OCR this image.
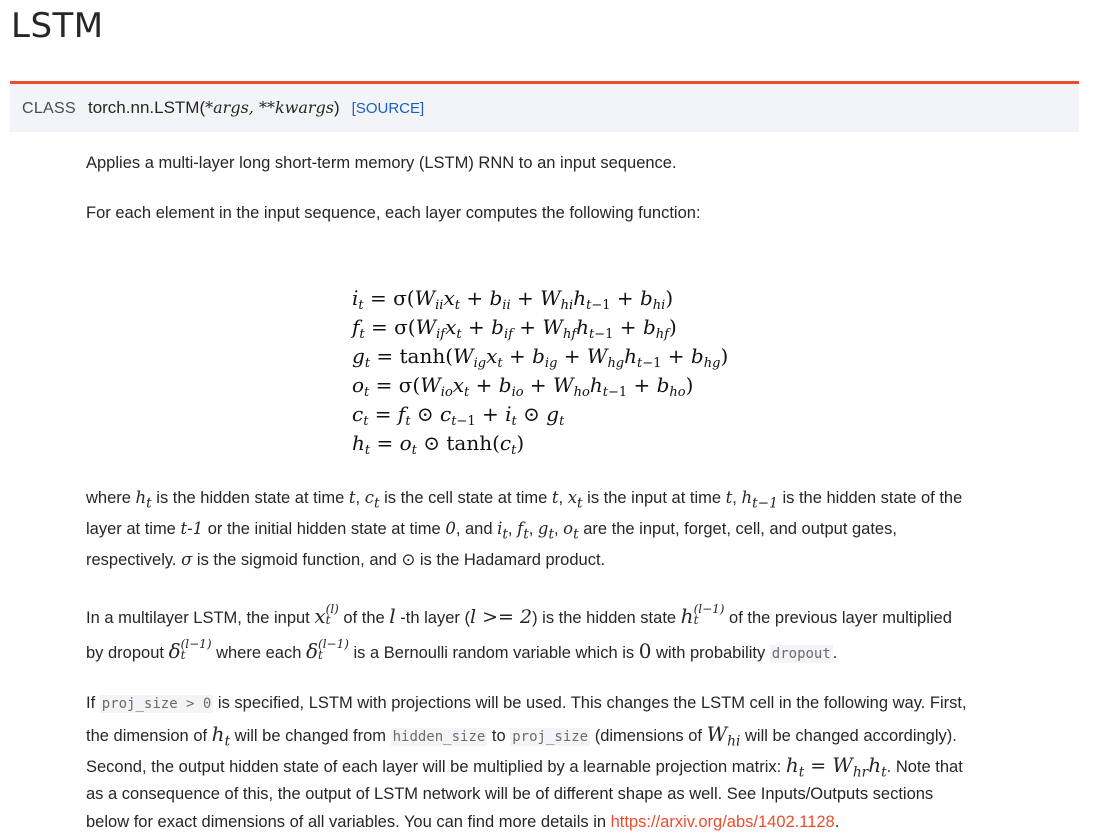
LSTM
CLASS torch.nn.LSTM(*args, **kwargs) [SOURCE]

Applies a multi-layer long short-term memory (LSTM) RNN to an input sequence.

For each element in the input sequence, each layer computes the following function:

$i_t = \sigma(W_{ii}x_t + b_{ii} + W_{hi}h_{t-1} + b_{hi})$
$f_t = \sigma(W_{if}x_t + b_{if} + W_{hf}h_{t-1} + b_{hf})$
$g_t = \tanh(W_{ig}x_t + b_{ig} + W_{hg}h_{t-1} + b_{hg})$
$o_t = \sigma(W_{io}x_t + b_{io} + W_{ho}h_{t-1} + b_{ho})$
$c_t = f_t$ ⊙ $c_{t-1} + i_t$ ⊙ $g_t$
$h_t = o_t$ ⊙ $\tanh(c_t)$

where $h_t$ is the hidden state at time t, $c_t$ is the cell state at time t, $x_t$ is the input at time t, $h_{t-1}$ is the hidden state of the

layer at time t-1 or the initial hidden state at time 0, and $i_t$, $f_t$, $g_t$, $o_t$ are the input, forget, cell, and output gates,

respectively. σ is the sigmoid function, and ⊙ is the Hadamard product.

In a multilayer LSTM, the input x (l)
t of the l -th layer (l >= 2) is the hidden state h (l−1)
t	of the previous layer multiplied

by dropout δ (l−1)
t	where each δ (l−1)
t	is a Bernoulli random variable which is 0 with probability dropout .

If proj_size > 0 is specified, LSTM with projections will be used. This changes the LSTM cell in the following way. First,

the dimension of $h_t$ will be changed from hidden_size to proj_size (dimensions of $W_{hi}$ will be changed accordingly).

Second, the output hidden state of each layer will be multiplied by a learnable projection matrix: $h_t = W_{hr}h_t$. Note that

as a consequence of this, the output of LSTM network will be of different shape as well. See Inputs/Outputs sections

below for exact dimensions of all variables. You can find more details in https://arxiv.org/abs/1402.1128.
